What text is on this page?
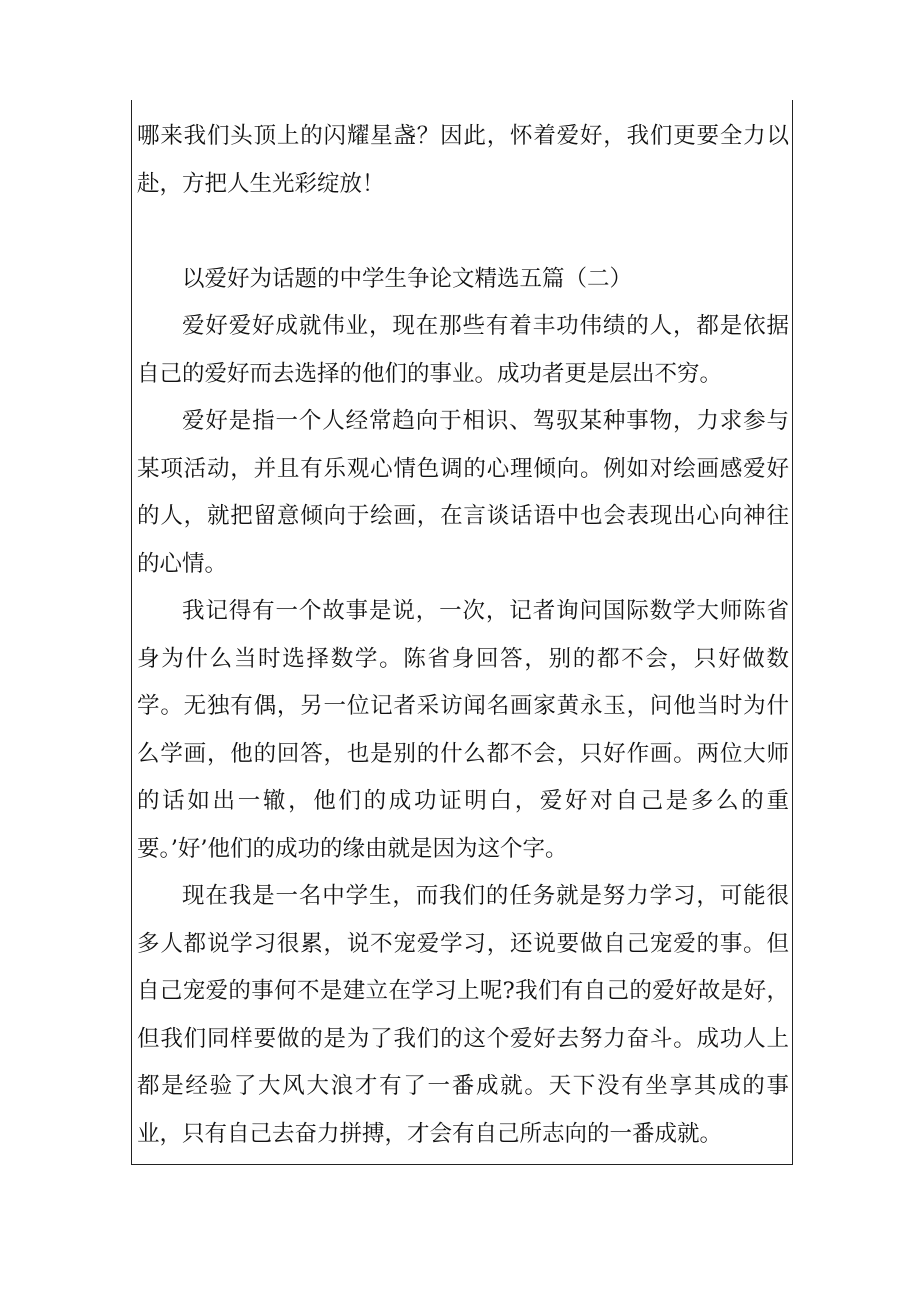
哪来我们头顶上的闪耀星盏？因此，怀着爱好，我们更要全力以赴，方把人生光彩绽放！

以爱好为话题的中学生争论文精选五篇（二）

爱好爱好成就伟业，现在那些有着丰功伟绩的人，都是依据自己的爱好而去选择的他们的事业。成功者更是层出不穷。

爱好是指一个人经常趋向于相识、驾驭某种事物，力求参与某项活动，并且有乐观心情色调的心理倾向。例如对绘画感爱好的人，就把留意倾向于绘画，在言谈话语中也会表现出心向神往的心情。

我记得有一个故事是说，一次，记者询问国际数学大师陈省身为什么当时选择数学。陈省身回答，别的都不会，只好做数学。无独有偶，另一位记者采访闻名画家黄永玉，问他当时为什么学画，他的回答，也是别的什么都不会，只好作画。两位大师的话如出一辙，他们的成功证明白，爱好对自己是多么的重要。’好’他们的成功的缘由就是因为这个字。

现在我是一名中学生，而我们的任务就是努力学习，可能很多人都说学习很累，说不宠爱学习，还说要做自己宠爱的事。但自己宠爱的事何不是建立在学习上呢?我们有自己的爱好故是好，但我们同样要做的是为了我们的这个爱好去努力奋斗。成功人上都是经验了大风大浪才有了一番成就。天下没有坐享其成的事业，只有自己去奋力拼搏，才会有自己所志向的一番成就。
